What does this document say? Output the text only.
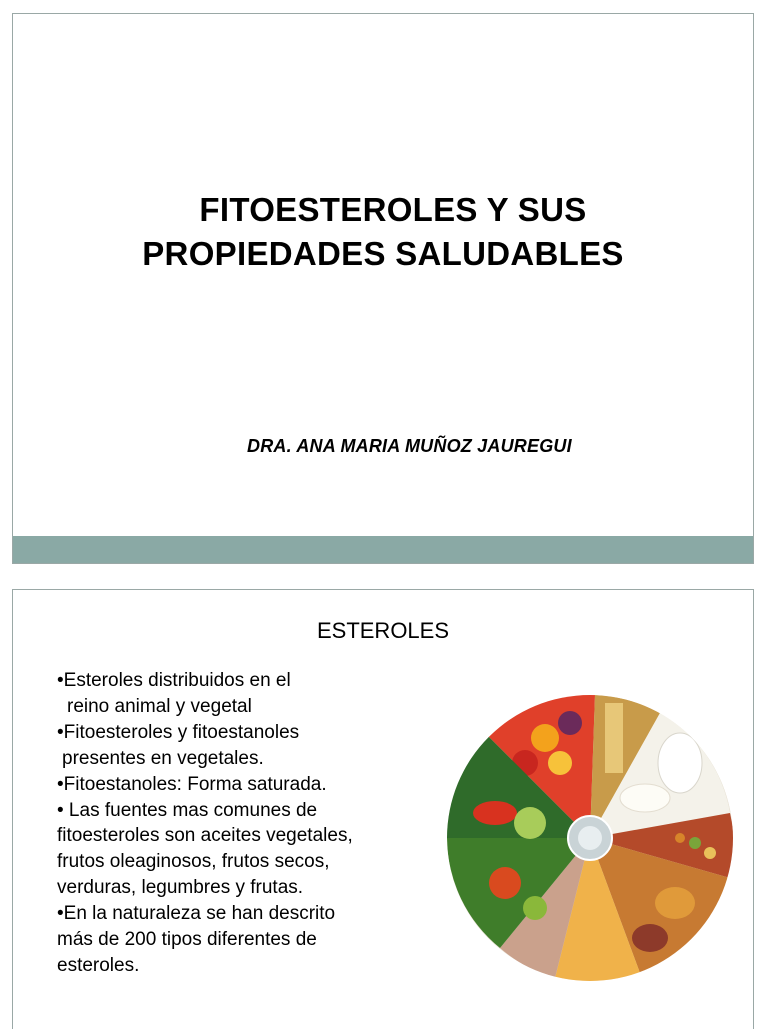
FITOESTEROLES Y SUS
PROPIEDADES SALUDABLES
DRA. ANA MARIA MUÑOZ JAUREGUI
ESTEROLES
•Esteroles distribuidos en el
reino animal y vegetal
•Fitoesteroles y fitoestanoles
presentes en vegetales.
•Fitoestanoles: Forma saturada.
• Las fuentes mas comunes de
fitoesteroles son aceites vegetales,
frutos oleaginosos, frutos secos,
verduras, legumbres y frutas.
•En la naturaleza se han descrito
más de 200 tipos diferentes de
esteroles.
